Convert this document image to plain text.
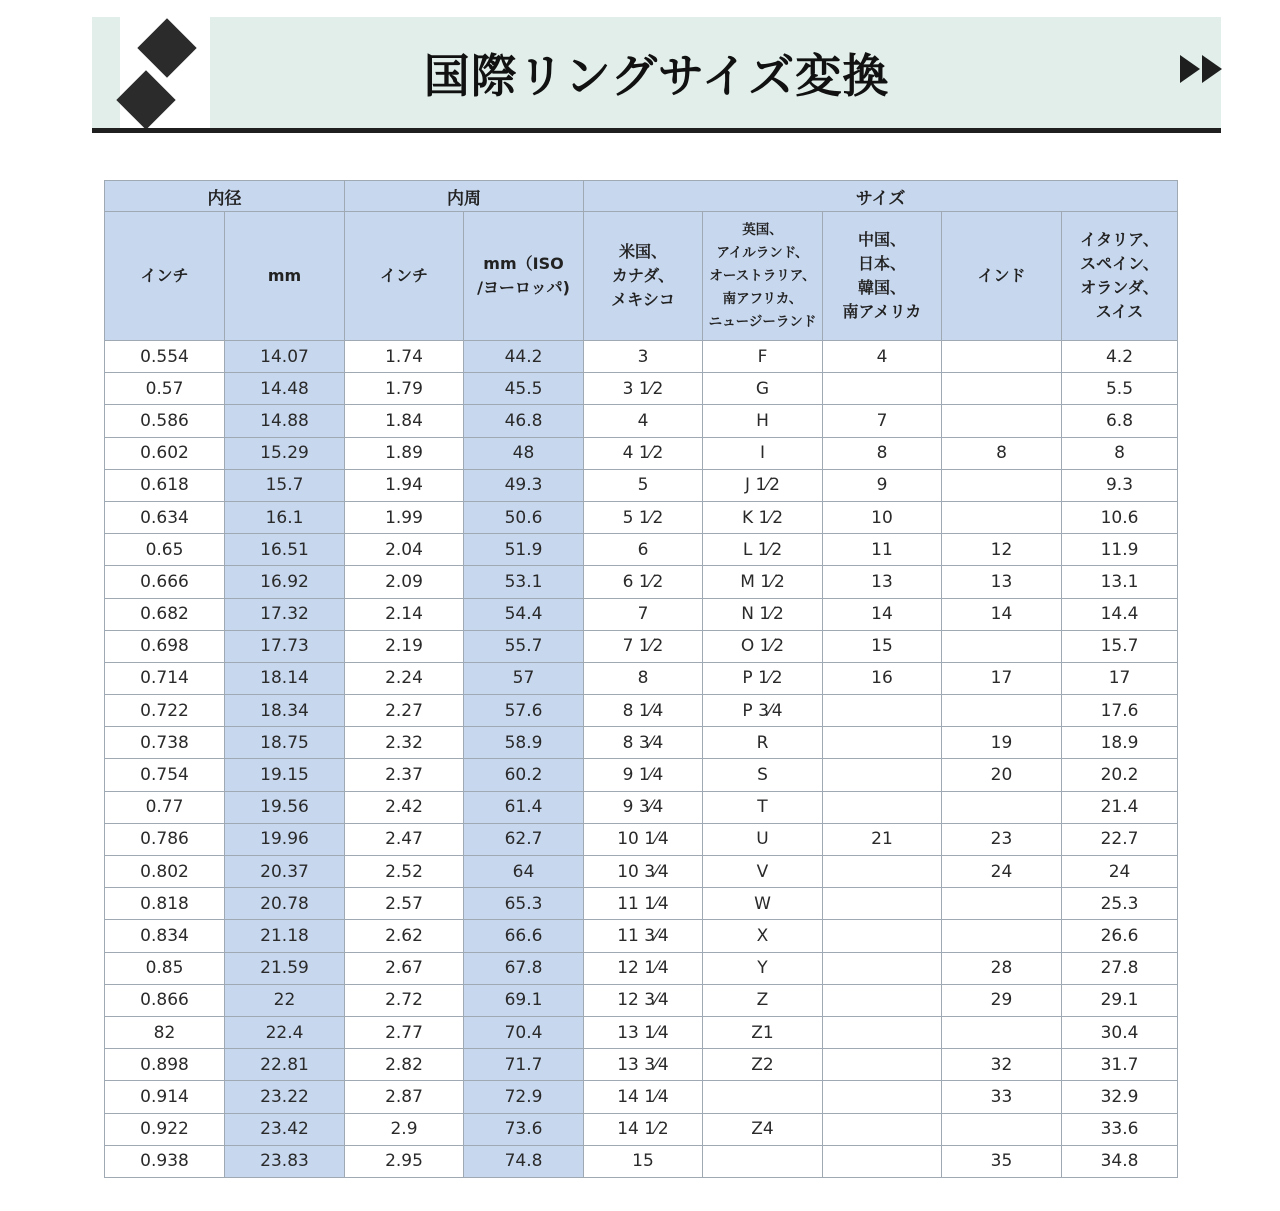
国際リングサイズ変換
内径		内周		サイズ				
インチ	mm	インチ	mm（ISO
/ヨーロッパ)	米国、
カナダ、
メキシコ	英国、
アイルランド、
オーストラリア、
南アフリカ、
ニュージーランド	中国、
日本、
韓国、
南アメリカ	インド	イタリア、
スペイン、
オランダ、
スイス
0.554	14.07	1.74	44.2	3	F	4		4.2
0.57	14.48	1.79	45.5	3 1⁄2	G			5.5
0.586	14.88	1.84	46.8	4	H	7		6.8
0.602	15.29	1.89	48	4 1⁄2	I	8	8	8
0.618	15.7	1.94	49.3	5	J 1⁄2	9		9.3
0.634	16.1	1.99	50.6	5 1⁄2	K 1⁄2	10		10.6
0.65	16.51	2.04	51.9	6	L 1⁄2	11	12	11.9
0.666	16.92	2.09	53.1	6 1⁄2	M 1⁄2	13	13	13.1
0.682	17.32	2.14	54.4	7	N 1⁄2	14	14	14.4
0.698	17.73	2.19	55.7	7 1⁄2	O 1⁄2	15		15.7
0.714	18.14	2.24	57	8	P 1⁄2	16	17	17
0.722	18.34	2.27	57.6	8 1⁄4	P 3⁄4			17.6
0.738	18.75	2.32	58.9	8 3⁄4	R		19	18.9
0.754	19.15	2.37	60.2	9 1⁄4	S		20	20.2
0.77	19.56	2.42	61.4	9 3⁄4	T			21.4
0.786	19.96	2.47	62.7	10 1⁄4	U	21	23	22.7
0.802	20.37	2.52	64	10 3⁄4	V		24	24
0.818	20.78	2.57	65.3	11 1⁄4	W			25.3
0.834	21.18	2.62	66.6	11 3⁄4	X			26.6
0.85	21.59	2.67	67.8	12 1⁄4	Y		28	27.8
0.866	22	2.72	69.1	12 3⁄4	Z		29	29.1
82	22.4	2.77	70.4	13 1⁄4	Z1			30.4
0.898	22.81	2.82	71.7	13 3⁄4	Z2		32	31.7
0.914	23.22	2.87	72.9	14 1⁄4			33	32.9
0.922	23.42	2.9	73.6	14 1⁄2	Z4			33.6
0.938	23.83	2.95	74.8	15			35	34.8
